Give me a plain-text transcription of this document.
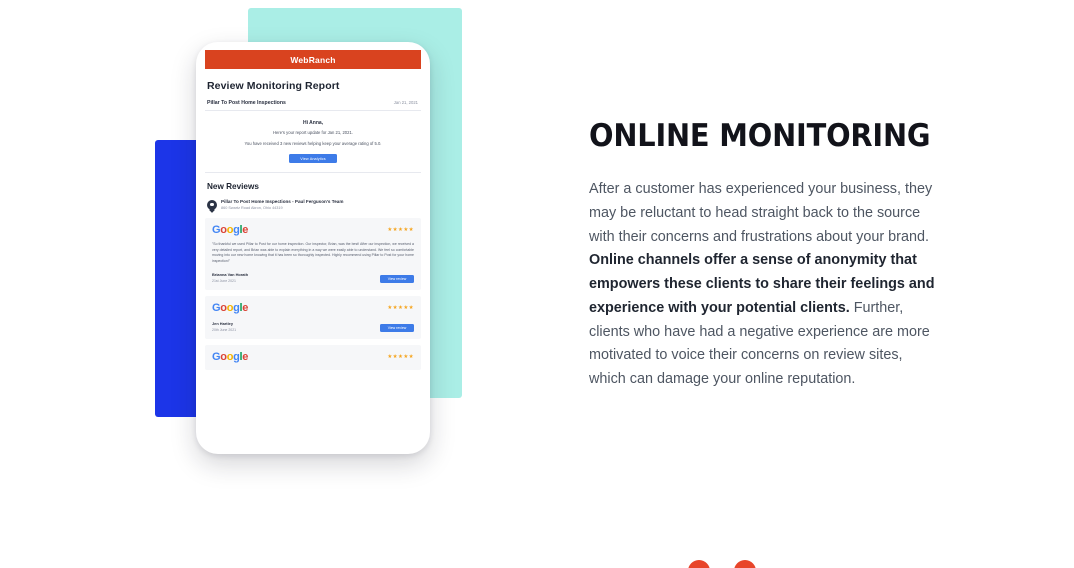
WebRanch
Review Monitoring Report
Pillar To Post Home Inspections	Jan 21, 2021
Hi Anna,
Here's your report update for Jan 21, 2021.
You have received 3 new reviews helping keep your average rating of 5.0.
View Analytics
New Reviews
Pillar To Post Home Inspections - Paul Ferguson's Team
860 Swartz Road Akron, Ohio 44319
Google	★★★★★
"So thankful we used Pillar to Post for our home inspection. Our inspector, Brian, was the best! After our inspection, we received a very detailed report, and Brian was able to explain everything in a way we were easily able to understand. We feel so comfortable moving into our new home knowing that it has been so thoroughly inspected. Highly recommend using Pillar to Post for your home inspection!"
Brianna Van Horath
21st June 2021	View review
Google	★★★★★
Jen Hartley
20th June 2021	View review
Google	★★★★★
ONLINE MONITORING

After a customer has experienced your business, they may be reluctant to head straight back to the source with their concerns and frustrations about your brand. Online channels offer a sense of anonymity that empowers these clients to share their feelings and experience with your potential clients. Further, clients who have had a negative experience are more motivated to voice their concerns on review sites, which can damage your online reputation.
